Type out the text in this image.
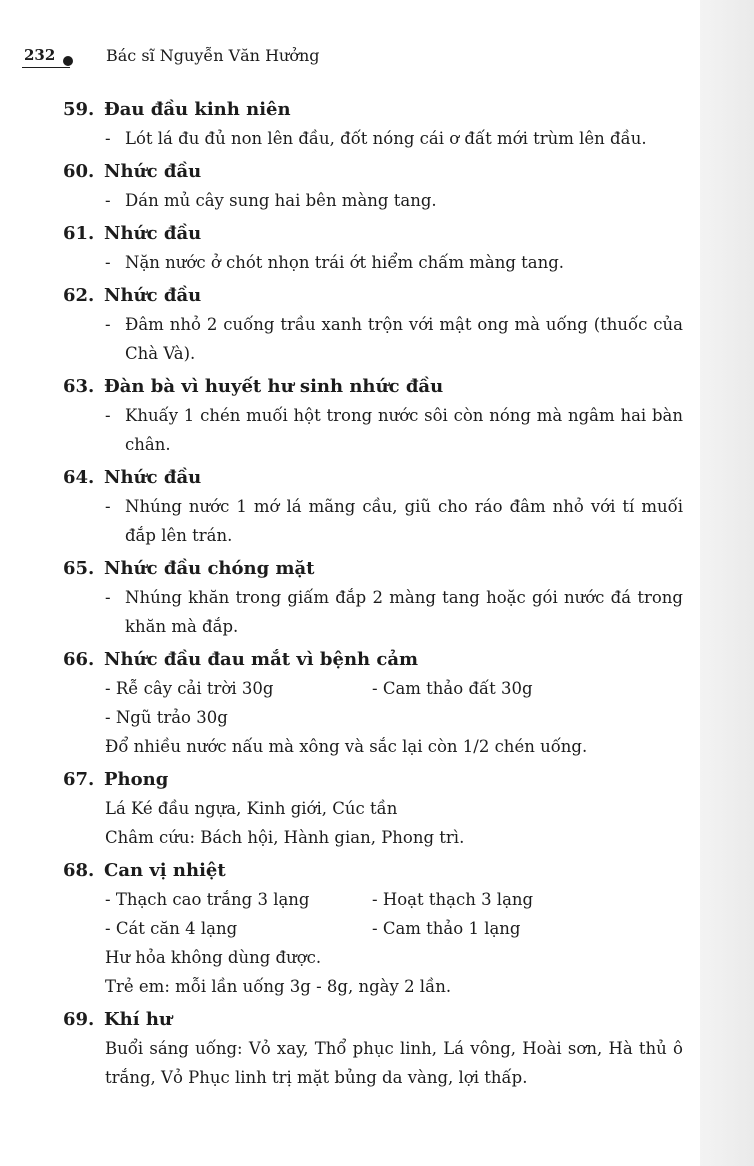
232	Bác sĩ Nguyễn Văn Hưởng
59. Đau đầu kinh niên
- Lót lá đu đủ non lên đầu, đốt nóng cái ơ đất mới trùm lên đầu.
60. Nhức đầu
- Dán mủ cây sung hai bên màng tang.
61. Nhức đầu
- Nặn nước ở chót nhọn trái ớt hiểm chấm màng tang.
62. Nhức đầu
- Đâm nhỏ 2 cuống trầu xanh trộn với mật ong mà uống (thuốc của Chà Và).
63. Đàn bà vì huyết hư sinh nhức đầu
- Khuấy 1 chén muối hột trong nước sôi còn nóng mà ngâm hai bàn chân.
64. Nhức đầu
- Nhúng nước 1 mớ lá mãng cầu, giũ cho ráo đâm nhỏ với tí muối đắp lên trán.
65. Nhức đầu chóng mặt
- Nhúng khăn trong giấm đắp 2 màng tang hoặc gói nước đá trong khăn mà đắp.
66. Nhức đầu đau mắt vì bệnh cảm
- Rễ cây cải trời 30g	- Cam thảo đất 30g
- Ngũ trảo 30g
Đổ nhiều nước nấu mà xông và sắc lại còn 1/2 chén uống.
67. Phong
Lá Ké đầu ngựa, Kinh giới, Cúc tần
Châm cứu: Bách hội, Hành gian, Phong trì.
68. Can vị nhiệt
- Thạch cao trắng 3 lạng	- Hoạt thạch 3 lạng
- Cát căn 4 lạng	- Cam thảo 1 lạng
Hư hỏa không dùng được.
Trẻ em: mỗi lần uống 3g - 8g, ngày 2 lần.
69. Khí hư
Buổi sáng uống: Vỏ xay, Thổ phục linh, Lá vông, Hoài sơn, Hà thủ ô trắng, Vỏ Phục linh trị mặt bủng da vàng, lợi thấp.
